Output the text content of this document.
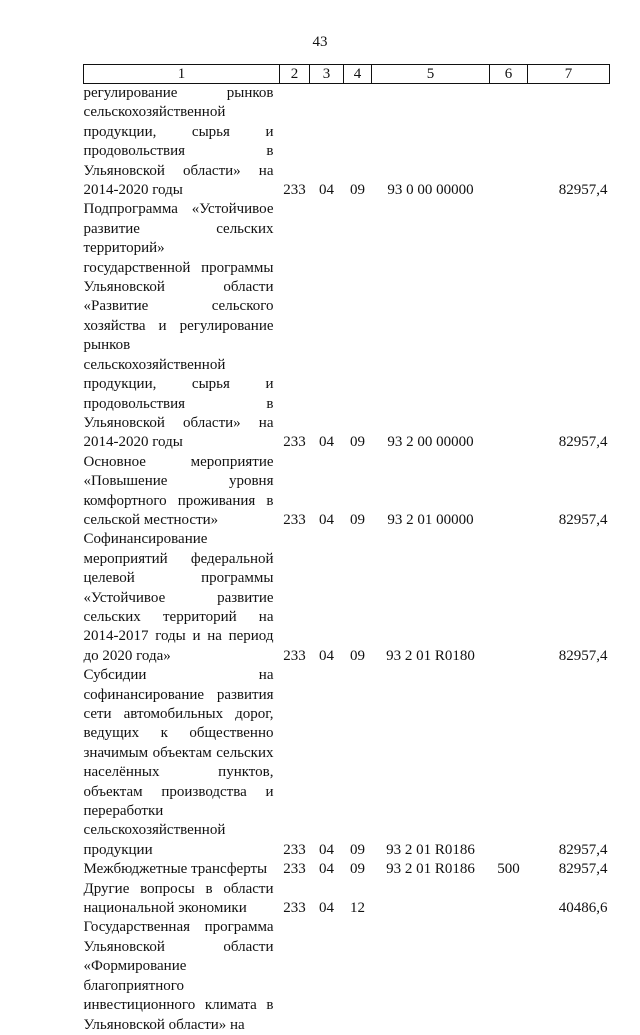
43
1	2	3	4	5	6	7
регулирование рынков сельскохозяйственной продукции, сырья и продовольствия в Ульяновской области» на 2014-2020 годы	233	04	09	93 0 00 00000		82957,4
Подпрограмма «Устойчивое развитие сельских территорий» государственной программы Ульяновской области «Развитие сельского хозяйства и регулирование рынков сельскохозяйственной продукции, сырья и продовольствия в Ульяновской области» на 2014-2020 годы	233	04	09	93 2 00 00000		82957,4
Основное мероприятие «Повышение уровня комфортного проживания в сельской местности»	233	04	09	93 2 01 00000		82957,4
Софинансирование мероприятий федеральной целевой программы «Устойчивое развитие сельских территорий на 2014-2017 годы и на период до 2020 года»	233	04	09	93 2 01 R0180		82957,4
Субсидии на софинансирование развития сети автомобильных дорог, ведущих к общественно значимым объектам сельских населённых пунктов, объектам производства и переработки сельскохозяйственной продукции	233	04	09	93 2 01 R0186		82957,4
Межбюджетные трансферты	233	04	09	93 2 01 R0186	500	82957,4
Другие вопросы в области национальной экономики	233	04	12			40486,6
Государственная программа Ульяновской области «Формирование благоприятного инвестиционного климата в Ульяновской области» на						
